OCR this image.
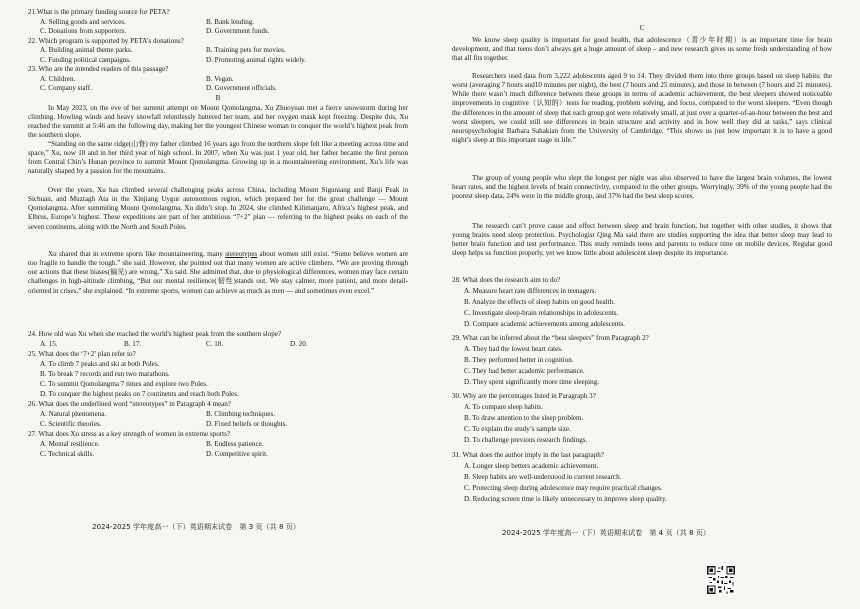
21.What is the primary funding source for PETA?
A. Selling goods and services.	B. Bank lending.
C. Donations from supporters.	D. Government funds.
22. Which program is supported by PETA’s donations?
A. Building animal theme parks.	B. Training pets for movies.
C. Funding political campaigns.	D. Promoting animal rights widely.
23. Who are the intended readers of this passage?
A. Children.	B. Vegan.
C. Company staff.	D. Government officials.
B

In May 2023, on the eve of her summit attempt on Mount Qomolangma, Xu Zhuoyuan met a fierce snowstorm during her climbing. Howling winds and heavy snowfall relentlessly battered her team, and her oxygen mask kept freezing. Despite this, Xu reached the summit at 5:46 am the following day, making her the youngest Chinese woman to conquer the world’s highest peak from the southern slope.

“Standing on the same ridge(山脊) my father climbed 16 years ago from the northern slope felt like a meeting across time and space,” Xu, now 18 and in her third year of high school. In 2007, when Xu was just 1 year old, her father became the first person from Central Chin’s Hunan province to summit Mount Qomolangma. Growing up in a mountaineering environment, Xu’s life was naturally shaped by a passion for the mountains.

Over the years, Xu has climbed several challenging peaks across China, including Mount Siguniang and Banji Peak in Sichuan, and Muztagh Ata in the Xinjiang Uygur autonomous region, which prepared her for the great challenge — Mount Qomolangma. After summiting Mount Qomolangma, Xu didn’t stop. In 2024, she climbed Kilimanjaro, Africa’s highest peak, and Elbrus, Europe’s highest. These expeditions are part of her ambitious “7+2” plan — referring to the highest peaks on each of the seven continents, along with the North and South Poles.

Xu shared that in extreme sports like mountaineering, many stereotypes about women still exist. “Some believe women are too fragile to handle the tough.” she said. However, she pointed out that many women are active climbers. “We are proving through our actions that these biases(偏见) are wrong,” Xu said. She admitted that, due to physiological differences, women may face certain challenges in high-altitude climbing, “But our mental resilience(韧性)stands out. We stay calmer, more patient, and more detail-oriented in crises,” she explained. “In extreme sports, women can achieve as much as men — and sometimes even excel.”

24. How old was Xu when she reached the world's highest peak from the southern slope?
A. 15.	B. 17.	C. 18.	D. 20.
25. What does the ‘7+2’ plan refer to?
A. To climb 7 peaks and ski at both Poles.
B. To break 7 records and run two marathons.
C. To summit Qomolangma 7 times and explore two Poles.
D. To conquer the highest peaks on 7 continents and reach both Poles.
26. What does the underlined word “stereotypes” in Paragraph 4 mean?
A. Natural phenomena.	B. Climbing techniques.
C. Scientific theories.	D. Fixed beliefs or thoughts.
27. What does Xu stress as a key strength of women in extreme sports?
A. Mental resilience.	B. Endless patience.
C. Technical skills.	D. Competitive spirit.
2024-2025 学年度高一（下）英语期末试卷　第 3 页（共 8 页）
C

We know sleep quality is important for good health, that adolescence（青少年时期）is an important time for brain development, and that teens don’t always get a huge amount of sleep – and new research gives us some fresh understanding of how that all fits together.

Researchers used data from 3,222 adolescents aged 9 to 14. They divided them into three groups based on sleep habits: the worst (averaging 7 hours and10 minutes per night), the best (7 hours and 25 minutes), and those in between (7 hours and 21 minutes). While there wasn’t much difference between these groups in terms of academic achievement, the best sleepers showed noticeable improvements in cognitive（认知的）tests for reading, problem solving, and focus, compared to the worst sleepers. “Even though the differences in the amount of sleep that each group got were relatively small, at just over a quarter-of-an-hour between the best and worst sleepers, we could still see differences in brain structure and activity and in how well they did at tasks,” says clinical neuropsychologist Barbara Sahakian from the University of Cambridge. “This shows us just how important it is to have a good night’s sleep at this important stage in life.”

The group of young people who slept the longest per night was also observed to have the largest brain volumes, the lowest heart rates, and the highest levels of brain connectivity, compared to the other groups. Worryingly, 39% of the young people had the poorest sleep data, 24% were in the middle group, and 37% had the best sleep scores.

The research can’t prove cause and effect between sleep and brain function, but together with other studies, it shows that young brains need sleep protection. Psychologist Qing Ma said there are studies supporting the idea that better sleep may lead to better brain function and test performance. This study reminds teens and parents to reduce time on mobile devices. Regular good sleep helps us function properly, yet we know little about adolescent sleep despite its importance.

28. What does the research aim to do?
A. Measure heart rate differences in teenagers.
B. Analyze the effects of sleep habits on good health.
C. Investigate sleep-brain relationships in adolescents.
D. Compare academic achievements among adolescents.
29. What can be inferred about the “best sleepers” from Paragraph 2?
A. They had the lowest heart rates.
B. They performed better in cognition.
C. They had better academic performance.
D. They spent significantly more time sleeping.
30. Why are the percentages listed in Paragraph 3?
A. To compare sleep habits.
B. To draw attention to the sleep problem.
C. To explain the study’s sample size.
D. To challenge previous research findings.
31. What does the author imply in the last paragraph?
A. Longer sleep betters academic achievement.
B. Sleep habits are well-understood in current research.
C. Protecting sleep during adolescence may require practical changes.
D. Reducing screen time is likely unnecessary to improve sleep quality.
2024-2025 学年度高一（下）英语期末试卷　第 4 页（共 8 页）
